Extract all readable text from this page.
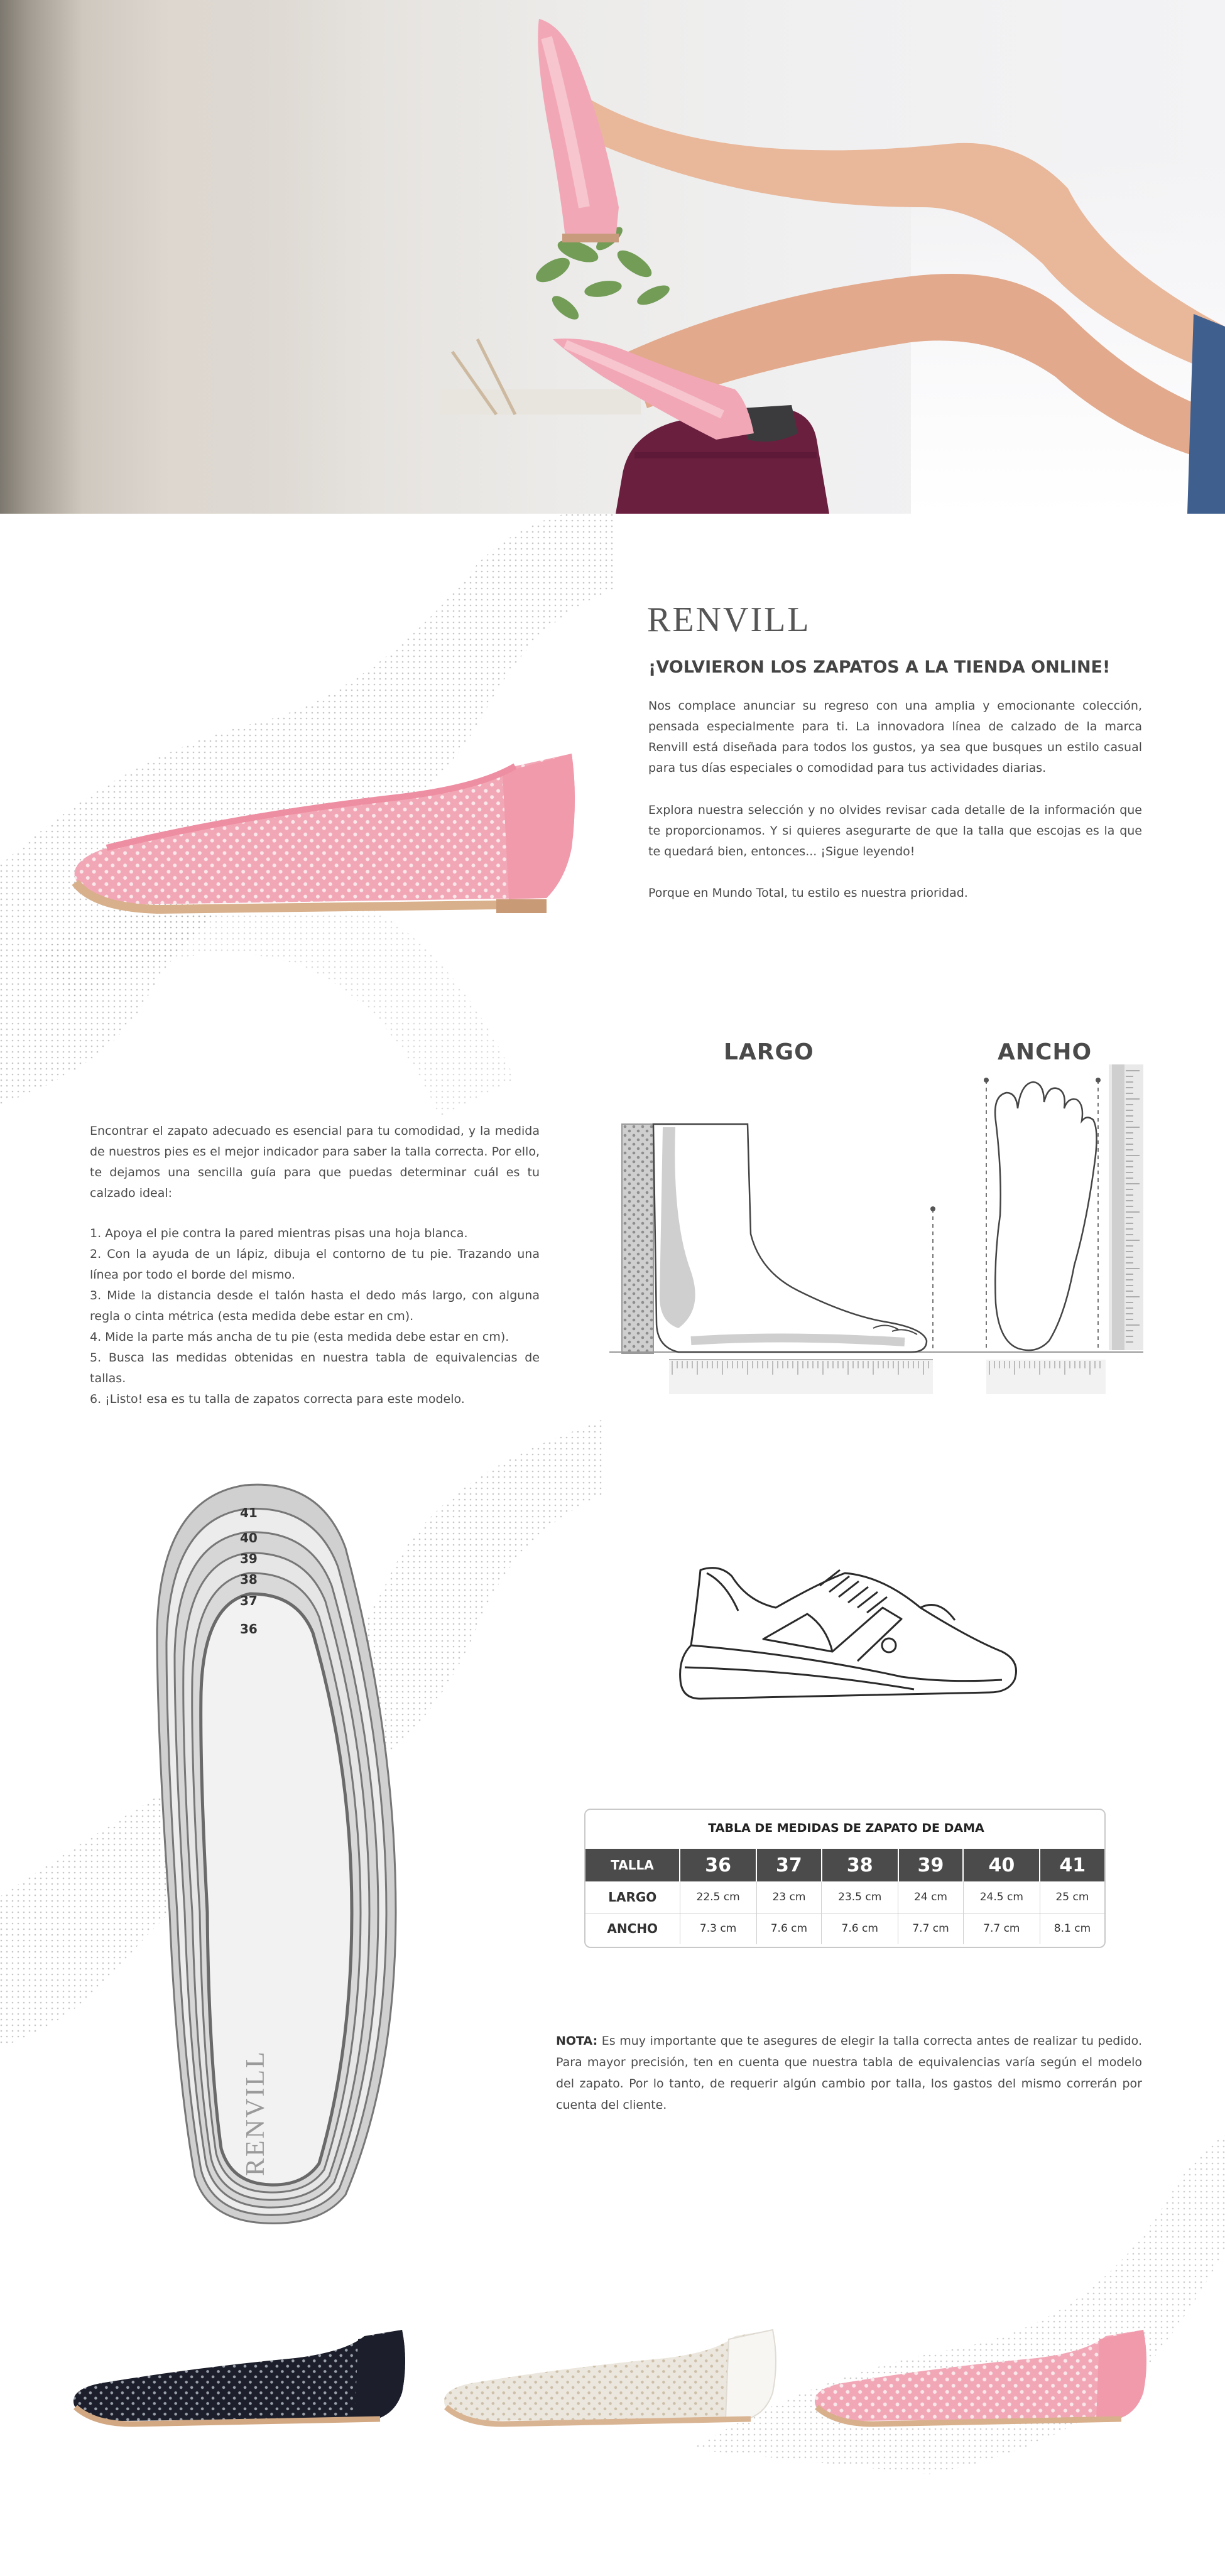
RENVILL
¡VOLVIERON LOS ZAPATOS A LA TIENDA ONLINE!
Nos complace anunciar su regreso con una amplia y emocionante colección, pensada especialmente para ti. La innovadora línea de calzado de la marca Renvill está diseñada para todos los gustos, ya sea que busques un estilo casual para tus días especiales o comodidad para tus actividades diarias.
Explora nuestra selección y no olvides revisar cada detalle de la información que te proporcionamos. Y si quieres asegurarte de que la talla que escojas es la que te quedará bien, entonces... ¡Sigue leyendo!
Porque en Mundo Total, tu estilo es nuestra prioridad.
Encontrar el zapato adecuado es esencial para tu comodidad, y la medida de nuestros pies es el mejor indicador para saber la talla correcta. Por ello, te dejamos una sencilla guía para que puedas determinar cuál es tu calzado ideal:
1. Apoya el pie contra la pared mientras pisas una hoja blanca.
2. Con la ayuda de un lápiz, dibuja el contorno de tu pie. Trazando una línea por todo el borde del mismo.
3. Mide la distancia desde el talón hasta el dedo más largo, con alguna regla o cinta métrica (esta medida debe estar en cm).
4. Mide la parte más ancha de tu pie (esta medida debe estar en cm).
5. Busca las medidas obtenidas en nuestra tabla de equivalencias de tallas.
6. ¡Listo! esa es tu talla de zapatos correcta para este modelo.
LARGO	ANCHO
RENVILL
41
40
39
38
37
36
TABLA DE MEDIDAS DE ZAPATO DE DAMA
TALLA	36	37	38	39	40	41
LARGO	22.5 cm	23 cm	23.5 cm	24 cm	24.5 cm	25 cm
ANCHO	7.3 cm	7.6 cm	7.6 cm	7.7 cm	7.7 cm	8.1 cm
NOTA: Es muy importante que te asegures de elegir la talla correcta antes de realizar tu pedido. Para mayor precisión, ten en cuenta que nuestra tabla de equivalencias varía según el modelo del zapato. Por lo tanto, de requerir algún cambio por talla, los gastos del mismo correrán por cuenta del cliente.
